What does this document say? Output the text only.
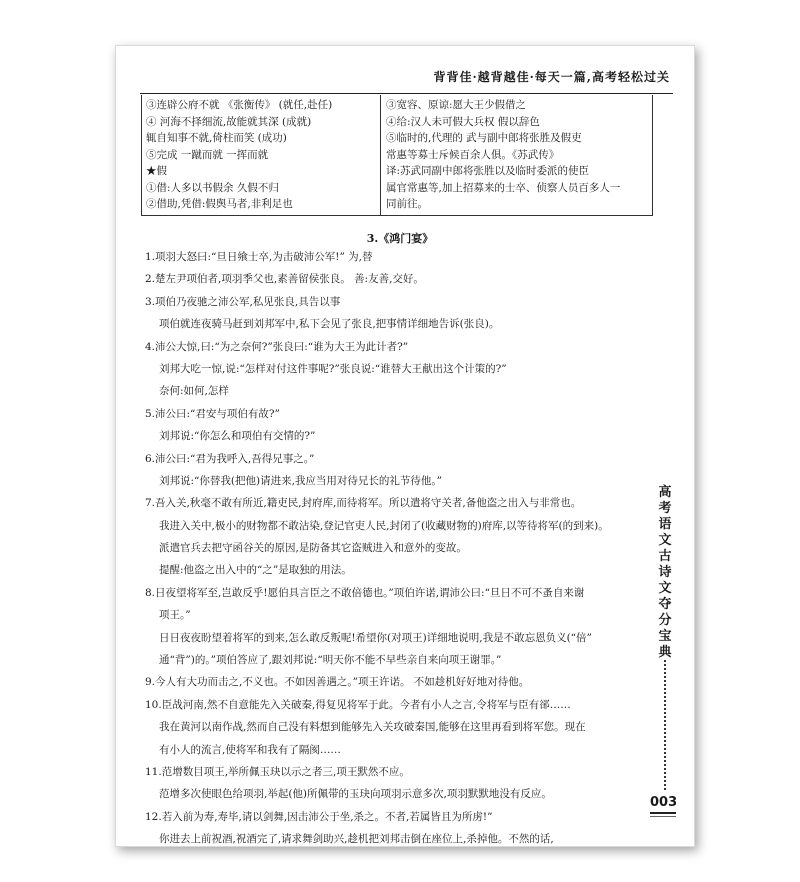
背背佳·越背越佳·每天一篇,高考轻松过关
③连辟公府不就 《张衡传》 (就任,赴任)
④ 河海不择细流,故能就其深 (成就)
辄自知事不就,倚柱而笑 (成功)
⑤完成 一蹴而就 一挥而就
★假
①借:人多以书假余 久假不归
②借助,凭借:假舆马者,非利足也
③宽容、原谅:愿大王少假借之
④给:汉人未可假大兵权 假以辞色
⑤临时的,代理的 武与副中郎将张胜及假吏
常惠等募士斥候百余人俱。《苏武传》
译:苏武同副中郎将张胜以及临时委派的使臣
属官常惠等,加上招募来的士卒、侦察人员百多人一
同前往。
3.《鸿门宴》
1.项羽大怒曰:“旦日飨士卒,为击破沛公军!” 为,替
2.楚左尹项伯者,项羽季父也,素善留侯张良。 善:友善,交好。
3.项伯乃夜驰之沛公军,私见张良,具告以事
项伯就连夜骑马赶到刘邦军中,私下会见了张良,把事情详细地告诉(张良)。
4.沛公大惊,曰:“为之奈何?”张良曰:“谁为大王为此计者?”
刘邦大吃一惊,说:“怎样对付这件事呢?”张良说:“谁替大王献出这个计策的?”
奈何:如何,怎样
5.沛公曰:“君安与项伯有故?”
刘邦说:“你怎么和项伯有交情的?”
6.沛公曰:“君为我呼入,吾得兄事之。”
刘邦说:“你替我(把他)请进来,我应当用对待兄长的礼节待他。”
7.吾入关,秋毫不敢有所近,籍吏民,封府库,而待将军。所以遣将守关者,备他盗之出入与非常也。
我进入关中,极小的财物都不敢沾染,登记官吏人民,封闭了(收藏财物的)府库,以等待将军(的到来)。
派遣官兵去把守函谷关的原因,是防备其它盗贼进入和意外的变故。
提醒:他盗之出入中的“之”是取独的用法。
8.日夜望将军至,岂敢反乎!愿伯具言臣之不敢倍德也。”项伯许诺,谓沛公曰:“旦日不可不蚤自来谢
项王。”
日日夜夜盼望着将军的到来,怎么敢反叛呢!希望你(对项王)详细地说明,我是不敢忘恩负义(“倍”
通“背”)的。”项伯答应了,跟刘邦说:“明天你不能不早些亲自来向项王谢罪。”
9.今人有大功而击之,不义也。不如因善遇之。”项王许诺。 不如趁机好好地对待他。
10.臣战河南,然不自意能先入关破秦,得复见将军于此。今者有小人之言,令将军与臣有郤……
我在黄河以南作战,然而自己没有料想到能够先入关攻破秦国,能够在这里再看到将军您。现在
有小人的流言,使将军和我有了隔阂……
11.范增数目项王,举所佩玉玦以示之者三,项王默然不应。
范增多次使眼色给项羽,举起(他)所佩带的玉玦向项羽示意多次,项羽默默地没有反应。
12.若入前为寿,寿毕,请以剑舞,因击沛公于坐,杀之。不者,若属皆且为所虏!”
你进去上前祝酒,祝酒完了,请求舞剑助兴,趁机把刘邦击倒在座位上,杀掉他。不然的话,
高考语文古诗文夺分宝典
003
